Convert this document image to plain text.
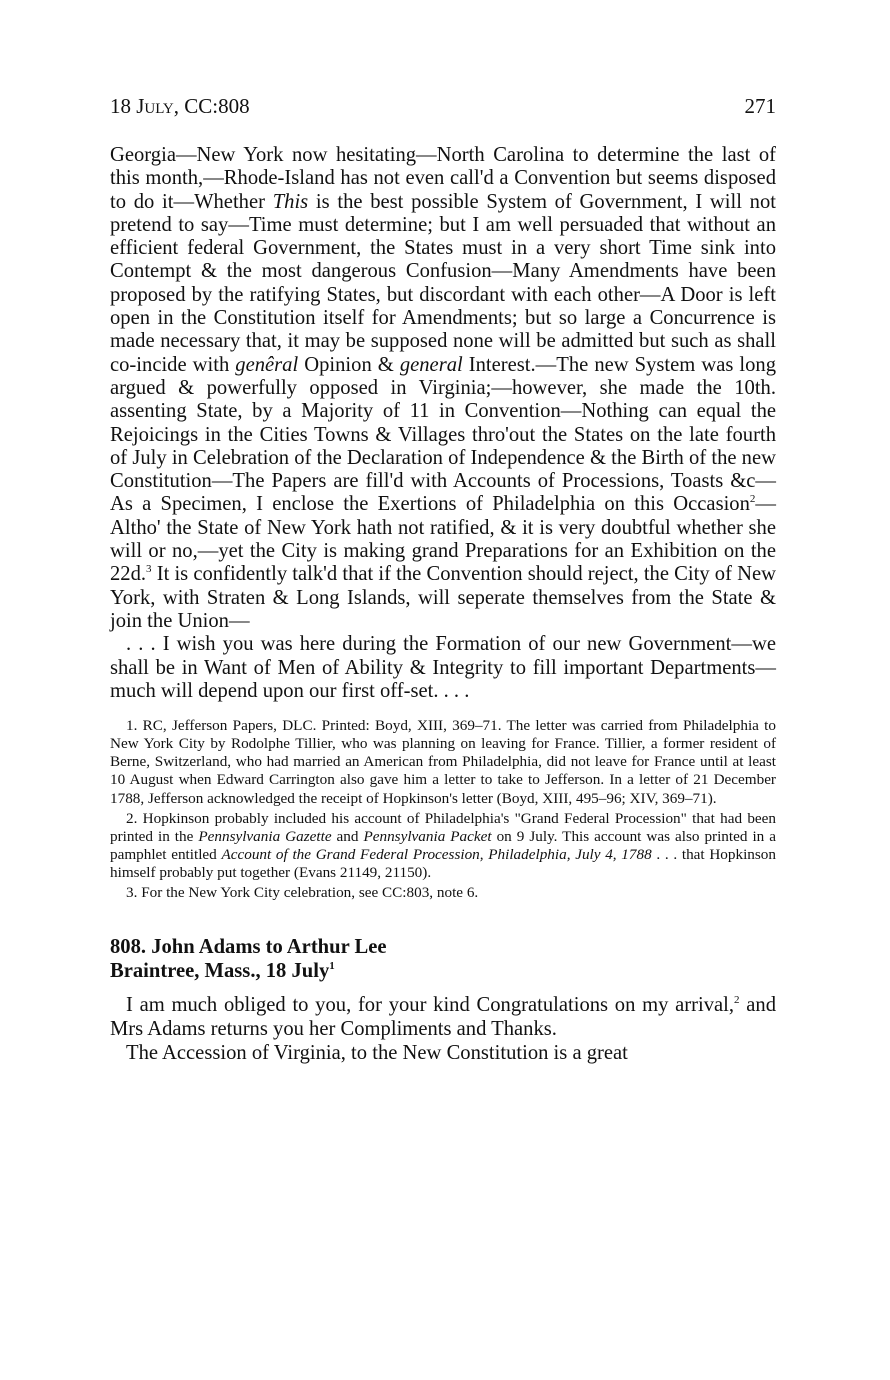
18 July, CC:808	271

Georgia—New York now hesitating—North Carolina to determine the last of this month,—Rhode-Island has not even call'd a Convention but seems disposed to do it—Whether This is the best possible System of Government, I will not pretend to say—Time must determine; but I am well persuaded that without an efficient federal Government, the States must in a very short Time sink into Contempt & the most dangerous Confusion—Many Amendments have been proposed by the ratifying States, but discordant with each other—A Door is left open in the Constitution itself for Amendments; but so large a Concurrence is made necessary that, it may be supposed none will be admitted but such as shall co-incide with genêral Opinion & general Interest.—The new System was long argued & powerfully opposed in Virginia;—however, she made the 10th. assenting State, by a Majority of 11 in Convention—Nothing can equal the Rejoicings in the Cities Towns & Villages thro'out the States on the late fourth of July in Celebration of the Declaration of Independence & the Birth of the new Constitution—The Papers are fill'd with Accounts of Processions, Toasts &c—As a Specimen, I enclose the Exertions of Philadelphia on this Occasion$^2$—Altho' the State of New York hath not ratified, & it is very doubtful whether she will or no,—yet the City is making grand Preparations for an Exhibition on the 22d.$^3$ It is confidently talk'd that if the Convention should reject, the City of New York, with Straten & Long Islands, will seperate themselves from the State & join the Union—

. . . I wish you was here during the Formation of our new Government—we shall be in Want of Men of Ability & Integrity to fill important Departments—much will depend upon our first off-set. . . .

1. RC, Jefferson Papers, DLC. Printed: Boyd, XIII, 369–71. The letter was carried from Philadelphia to New York City by Rodolphe Tillier, who was planning on leaving for France. Tillier, a former resident of Berne, Switzerland, who had married an American from Philadelphia, did not leave for France until at least 10 August when Edward Carrington also gave him a letter to take to Jefferson. In a letter of 21 December 1788, Jefferson acknowledged the receipt of Hopkinson's letter (Boyd, XIII, 495–96; XIV, 369–71).

2. Hopkinson probably included his account of Philadelphia's "Grand Federal Procession" that had been printed in the Pennsylvania Gazette and Pennsylvania Packet on 9 July. This account was also printed in a pamphlet entitled Account of the Grand Federal Procession, Philadelphia, July 4, 1788 . . . that Hopkinson himself probably put together (Evans 21149, 21150).

3. For the New York City celebration, see CC:803, note 6.

808. John Adams to Arthur Lee
Braintree, Mass., 18 July$^1$

I am much obliged to you, for your kind Congratulations on my arrival,$^2$ and Mrs Adams returns you her Compliments and Thanks.

The Accession of Virginia, to the New Constitution is a great
